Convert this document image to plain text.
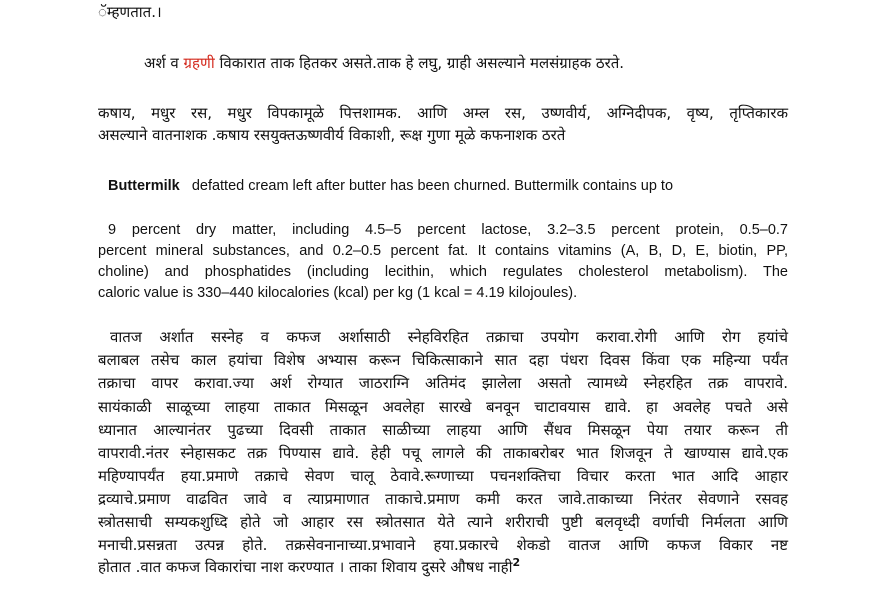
ॅम्हणतात.।
अर्श व ग्रहणी विकारात ताक हितकर असते.ताक हे लघु, ग्राही असल्याने मलसंग्राहक ठरते.
कषाय, मधुर रस, मधुर विपकामूळे पित्तशामक. आणि अम्ल रस, उष्णवीर्य, अग्निदीपक, वृष्य, तृप्तिकारक
असल्याने वातनाशक .कषाय रसयुक्तऊष्णवीर्य विकाशी, रूक्ष गुणा मूळे कफनाशक ठरते
Buttermilk defatted cream left after butter has been churned. Buttermilk contains up to
9 percent dry matter, including 4.5–5 percent lactose, 3.2–3.5 percent protein, 0.5–0.7
percent mineral substances, and 0.2–0.5 percent fat. It contains vitamins (A, B, D, E, biotin, PP,
choline) and phosphatides (including lecithin, which regulates cholesterol metabolism). The
caloric value is 330–440 kilocalories (kcal) per kg (1 kcal = 4.19 kilojoules).
वातज अर्शात सस्नेह व कफज अर्शासाठी स्नेहविरहित तक्राचा उपयोग करावा.रोगी आणि रोग हयांचे
बलाबल तसेच काल हयांचा विशेष अभ्यास करून चिकित्साकाने सात दहा पंधरा दिवस किंवा एक महिन्या पर्यंत
तक्राचा वापर करावा.ज्या अर्श रोग्यात जाठराग्नि अतिमंद झालेला असतो त्यामध्ये स्नेहरहित तक्र वापरावे.
सायंकाळी साळूच्या लाहया ताकात मिसळून अवलेहा सारखे बनवून चाटावयास द्यावे. हा अवलेह पचते असे
ध्यानात आल्यानंतर पुढच्या दिवसी ताकात साळीच्या लाहया आणि सैंधव मिसळून पेया तयार करून ती
वापरावी.नंतर स्नेहासकट तक्र पिण्यास द्यावे. हेही पचू लागले की ताकाबरोबर भात शिजवून ते खाण्यास द्यावे.एक
महिण्यापर्यंत हया.प्रमाणे तक्राचे सेवण चालू ठेवावे.रूग्णाच्या पचनशक्तिचा विचार करता भात आदि आहार
द्रव्याचे.प्रमाण वाढवित जावे व त्याप्रमाणात ताकाचे.प्रमाण कमी करत जावे.ताकाच्या निरंतर सेवणाने रसवह
स्त्रोतसाची सम्यकशुध्दि होते जो आहार रस स्त्रोतसात येते त्याने शरीराची पुष्टी बलवृध्दी वर्णाची निर्मलता आणि
मनाची.प्रसन्नता उत्पन्न होते. तक्रसेवनानाच्या.प्रभावाने हया.प्रकारचे शेकडो वातज आणि कफज विकार नष्ट
होतात .वात कफज विकारांचा नाश करण्यात । ताका शिवाय दुसरे औषध नाही$^2$
